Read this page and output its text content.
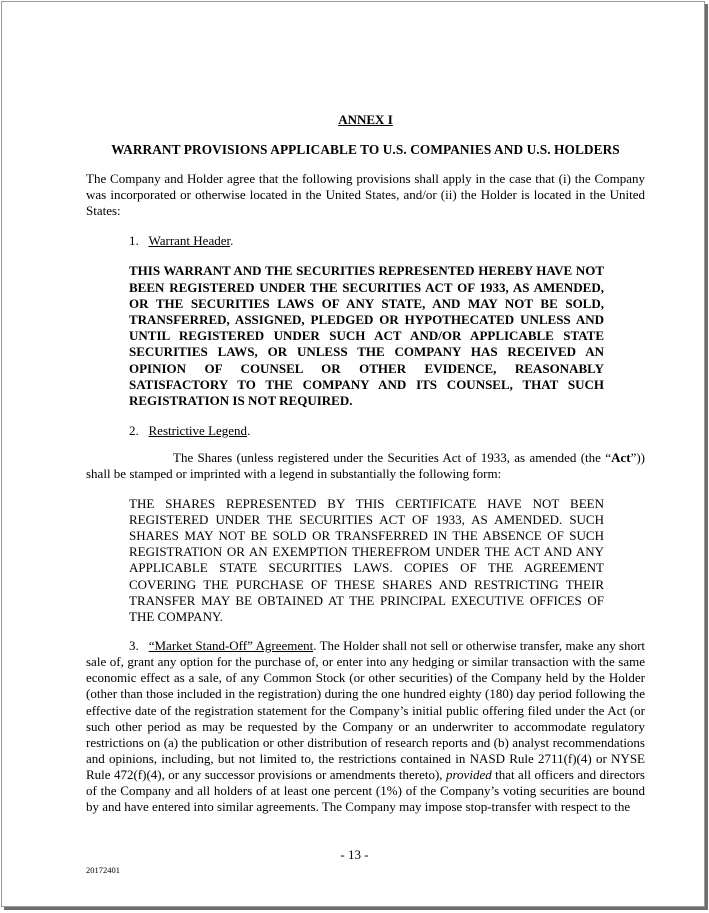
ANNEX I

WARRANT PROVISIONS APPLICABLE TO U.S. COMPANIES AND U.S. HOLDERS

The Company and Holder agree that the following provisions shall apply in the case that (i) the Company was incorporated or otherwise located in the United States, and/or (ii) the Holder is located in the United States:

1. Warrant Header.

THIS WARRANT AND THE SECURITIES REPRESENTED HEREBY HAVE NOT BEEN REGISTERED UNDER THE SECURITIES ACT OF 1933, AS AMENDED, OR THE SECURITIES LAWS OF ANY STATE, AND MAY NOT BE SOLD, TRANSFERRED, ASSIGNED, PLEDGED OR HYPOTHECATED UNLESS AND UNTIL REGISTERED UNDER SUCH ACT AND/OR APPLICABLE STATE SECURITIES LAWS, OR UNLESS THE COMPANY HAS RECEIVED AN OPINION OF COUNSEL OR OTHER EVIDENCE, REASONABLY SATISFACTORY TO THE COMPANY AND ITS COUNSEL, THAT SUCH REGISTRATION IS NOT REQUIRED.

2. Restrictive Legend.

The Shares (unless registered under the Securities Act of 1933, as amended (the “Act”)) shall be stamped or imprinted with a legend in substantially the following form:

THE SHARES REPRESENTED BY THIS CERTIFICATE HAVE NOT BEEN REGISTERED UNDER THE SECURITIES ACT OF 1933, AS AMENDED. SUCH SHARES MAY NOT BE SOLD OR TRANSFERRED IN THE ABSENCE OF SUCH REGISTRATION OR AN EXEMPTION THEREFROM UNDER THE ACT AND ANY APPLICABLE STATE SECURITIES LAWS. COPIES OF THE AGREEMENT COVERING THE PURCHASE OF THESE SHARES AND RESTRICTING THEIR TRANSFER MAY BE OBTAINED AT THE PRINCIPAL EXECUTIVE OFFICES OF THE COMPANY.

3. “Market Stand-Off” Agreement. The Holder shall not sell or otherwise transfer, make any short sale of, grant any option for the purchase of, or enter into any hedging or similar transaction with the same economic effect as a sale, of any Common Stock (or other securities) of the Company held by the Holder (other than those included in the registration) during the one hundred eighty (180) day period following the effective date of the registration statement for the Company’s initial public offering filed under the Act (or such other period as may be requested by the Company or an underwriter to accommodate regulatory restrictions on (a) the publication or other distribution of research reports and (b) analyst recommendations and opinions, including, but not limited to, the restrictions contained in NASD Rule 2711(f)(4) or NYSE Rule 472(f)(4), or any successor provisions or amendments thereto), provided that all officers and directors of the Company and all holders of at least one percent (1%) of the Company’s voting securities are bound by and have entered into similar agreements. The Company may impose stop-transfer with respect to the

- 13 -
20172401
